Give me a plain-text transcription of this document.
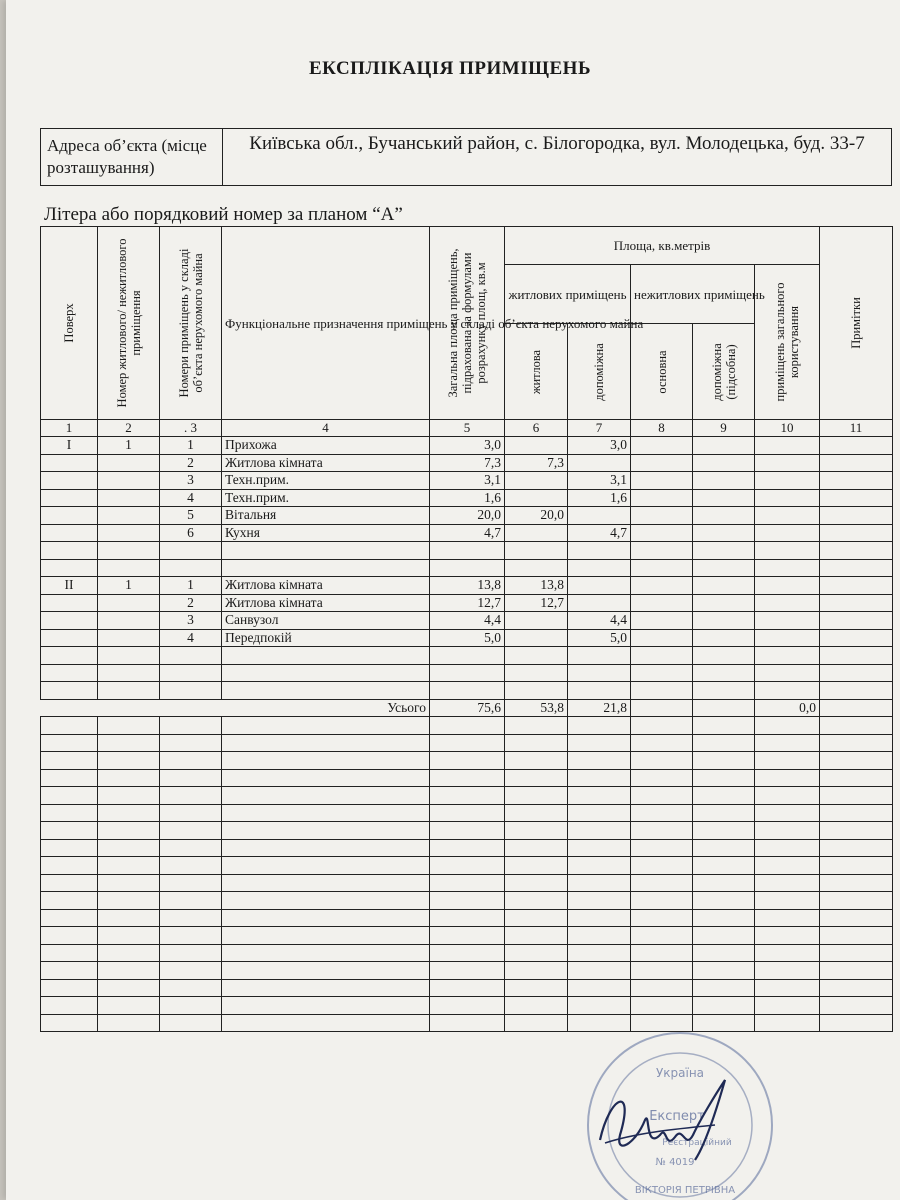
ЕКСПЛІКАЦІЯ ПРИМІЩЕНЬ
Адреса об’єкта (місце розташування)
Київська обл., Бучанський район, с. Білогородка, вул. Молодецька, буд. 33-7
Літера або порядковий номер за планом “А”
Поверх	Номер житлового/ нежитлового приміщення	Номери приміщень у складі об’єкта нерухомого майна	Функціональне призначення приміщень у складі об’єкта нерухомого майна	Загальна площа приміщень, підрахована за формулами розрахунку площ, кв.м	Площа, кв.метрів					Примітки

					житлових приміщень		нежитлових приміщень		приміщень загального користування	

					житлова	допоміжна	основна	допоміжна (підсобна)		

1	2	. 3	4	5	6	7	8	9	10	11
I	1	1	Прихожа	3,0		3,0				
		2	Житлова кімната	7,3	7,3					
		3	Техн.прим.	3,1		3,1				
		4	Техн.прим.	1,6		1,6				
		5	Вітальня	20,0	20,0					
		6	Кухня	4,7		4,7				

II	1	1	Житлова кімната	13,8	13,8					
		2	Житлова кімната	12,7	12,7					
		3	Санвузол	4,4		4,4				
		4	Передпокій	5,0		5,0				

Усього				75,6	53,8	21,8			0,0	

Україна
Експерт
Реєстраційний
№ 4019
ВІКТОРІЯ ПЕТРІВНА
